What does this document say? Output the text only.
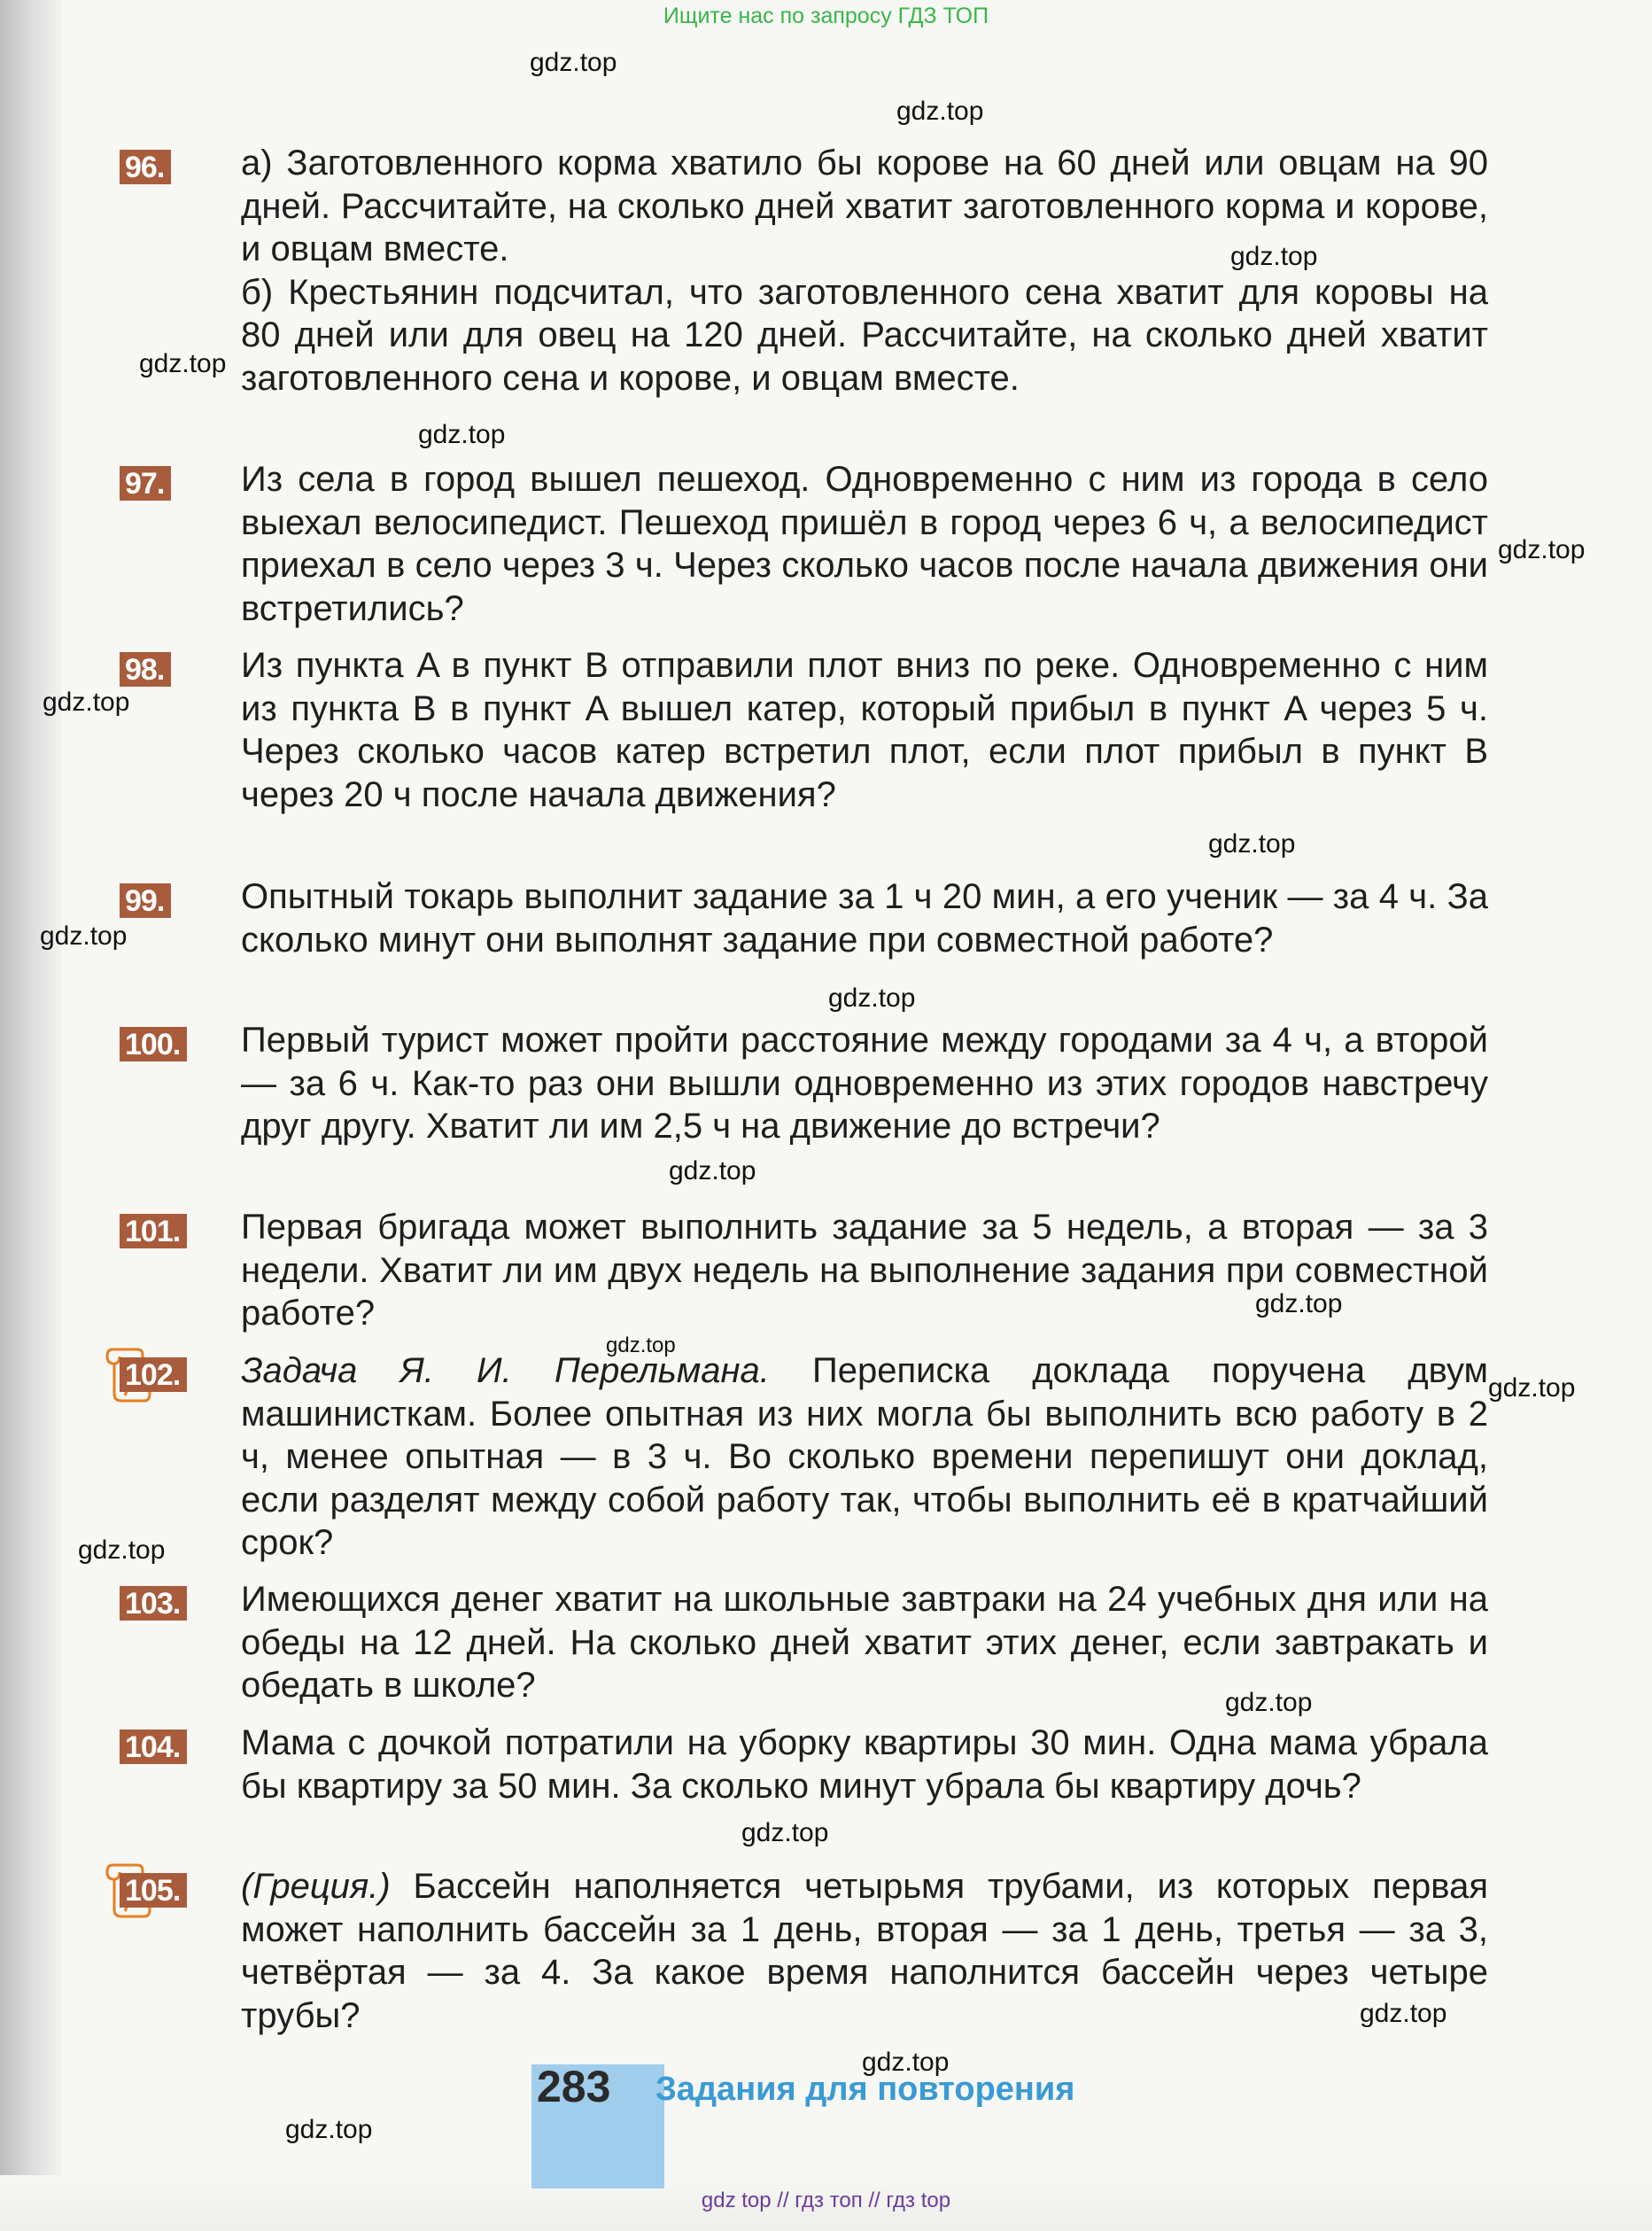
Ищите нас по запросу ГДЗ ТОП
96. а) Заготовленного корма хватило бы корове на 60 дней или овцам на 90 дней. Рассчитайте, на сколько дней хватит заготовленного корма и корове, и овцам вместе.

б) Крестьянин подсчитал, что заготовленного сена хватит для коровы на 80 дней или для овец на 120 дней. Рассчитайте, на сколько дней хватит заготовленного сена и корове, и овцам вместе.

97. Из села в город вышел пешеход. Одновременно с ним из города в село выехал велосипедист. Пешеход пришёл в город через 6 ч, а велосипедист приехал в село через 3 ч. Через сколько часов после начала движения они встретились?
98. Из пункта A в пункт B отправили плот вниз по реке. Одновременно с ним из пункта B в пункт A вышел катер, который прибыл в пункт A через 5 ч. Через сколько часов катер встретил плот, если плот прибыл в пункт B через 20 ч после начала движения?
99. Опытный токарь выполнит задание за 1 ч 20 мин, а его ученик — за 4 ч. За сколько минут они выполнят задание при совместной работе?
100. Первый турист может пройти расстояние между городами за 4 ч, а второй — за 6 ч. Как-то раз они вышли одновременно из этих городов навстречу друг другу. Хватит ли им 2,5 ч на движение до встречи?
101. Первая бригада может выполнить задание за 5 недель, а вторая — за 3 недели. Хватит ли им двух недель на выполнение задания при совместной работе?
102. Задача Я. И. Перельмана. Переписка доклада поручена двум машинисткам. Более опытная из них могла бы выполнить всю работу в 2 ч, менее опытная — в 3 ч. Во сколько времени перепишут они доклад, если разделят между собой работу так, чтобы выполнить её в кратчайший срок?
103. Имеющихся денег хватит на школьные завтраки на 24 учебных дня или на обеды на 12 дней. На сколько дней хватит этих денег, если завтракать и обедать в школе?
104. Мама с дочкой потратили на уборку квартиры 30 мин. Одна мама убрала бы квартиру за 50 мин. За сколько минут убрала бы квартиру дочь?
105. (Греция.) Бассейн наполняется четырьмя трубами, из которых первая может наполнить бассейн за 1 день, вторая — за 1 день, третья — за 3, четвёртая — за 4. За какое время наполнится бассейн через четыре трубы?
gdz.top
gdz.top
gdz.top
gdz.top
gdz.top
gdz.top
gdz.top
gdz.top
gdz.top
gdz.top
gdz.top
gdz.top
gdz.top
gdz.top
gdz.top
gdz.top
gdz.top
gdz.top
gdz.top
gdz.top
283 Задания для повторения
gdz top // гдз топ // гдз top
